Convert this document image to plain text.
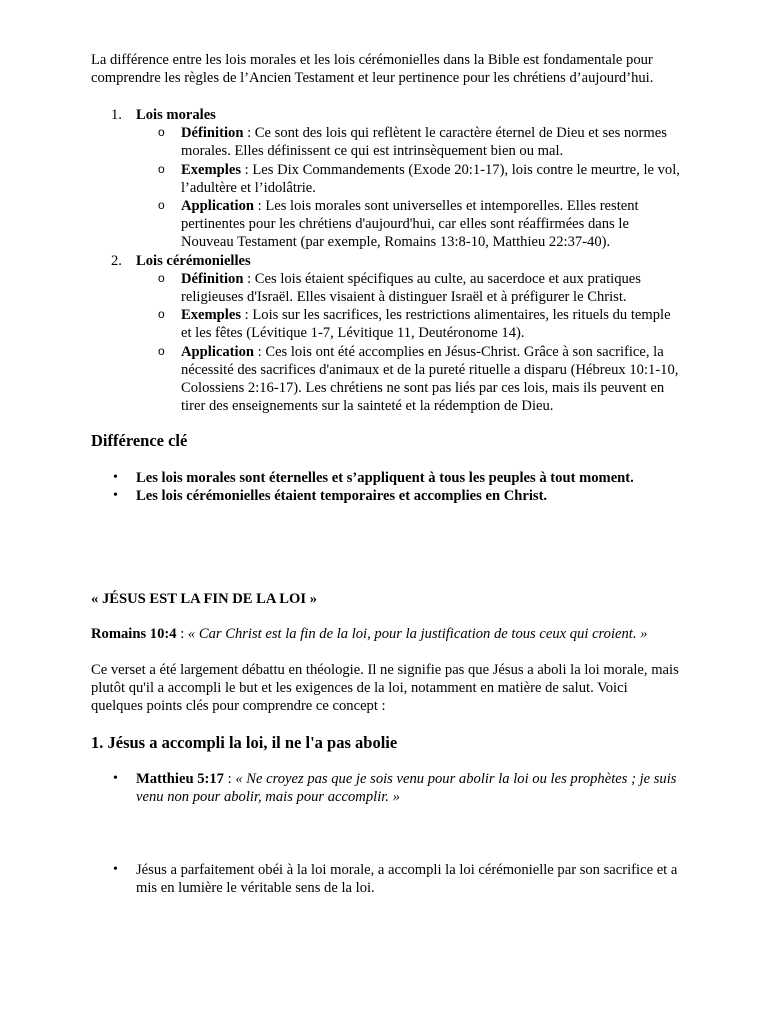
La différence entre les lois morales et les lois cérémonielles dans la Bible est fondamentale pour comprendre les règles de l’Ancien Testament et leur pertinence pour les chrétiens d’aujourd’hui.

1. Lois morales
o Définition : Ce sont des lois qui reflètent le caractère éternel de Dieu et ses normes morales. Elles définissent ce qui est intrinsèquement bien ou mal.
o Exemples : Les Dix Commandements (Exode 20:1-17), lois contre le meurtre, le vol, l’adultère et l’idolâtrie.
o Application : Les lois morales sont universelles et intemporelles. Elles restent pertinentes pour les chrétiens d'aujourd'hui, car elles sont réaffirmées dans le Nouveau Testament (par exemple, Romains 13:8-10, Matthieu 22:37-40).
2. Lois cérémonielles
o Définition : Ces lois étaient spécifiques au culte, au sacerdoce et aux pratiques religieuses d'Israël. Elles visaient à distinguer Israël et à préfigurer le Christ.
o Exemples : Lois sur les sacrifices, les restrictions alimentaires, les rituels du temple et les fêtes (Lévitique 1-7, Lévitique 11, Deutéronome 14).
o Application : Ces lois ont été accomplies en Jésus-Christ. Grâce à son sacrifice, la nécessité des sacrifices d'animaux et de la pureté rituelle a disparu (Hébreux 10:1-10, Colossiens 2:16-17). Les chrétiens ne sont pas liés par ces lois, mais ils peuvent en tirer des enseignements sur la sainteté et la rédemption de Dieu.
Différence clé
• Les lois morales sont éternelles et s’appliquent à tous les peuples à tout moment.
• Les lois cérémonielles étaient temporaires et accomplies en Christ.

« JÉSUS EST LA FIN DE LA LOI »

Romains 10:4 : « Car Christ est la fin de la loi, pour la justification de tous ceux qui croient. »

Ce verset a été largement débattu en théologie. Il ne signifie pas que Jésus a aboli la loi morale, mais plutôt qu'il a accompli le but et les exigences de la loi, notamment en matière de salut. Voici quelques points clés pour comprendre ce concept :

1. Jésus a accompli la loi, il ne l'a pas abolie
• Matthieu 5:17 : « Ne croyez pas que je sois venu pour abolir la loi ou les prophètes ; je suis venu non pour abolir, mais pour accomplir. »
• Jésus a parfaitement obéi à la loi morale, a accompli la loi cérémonielle par son sacrifice et a mis en lumière le véritable sens de la loi.
